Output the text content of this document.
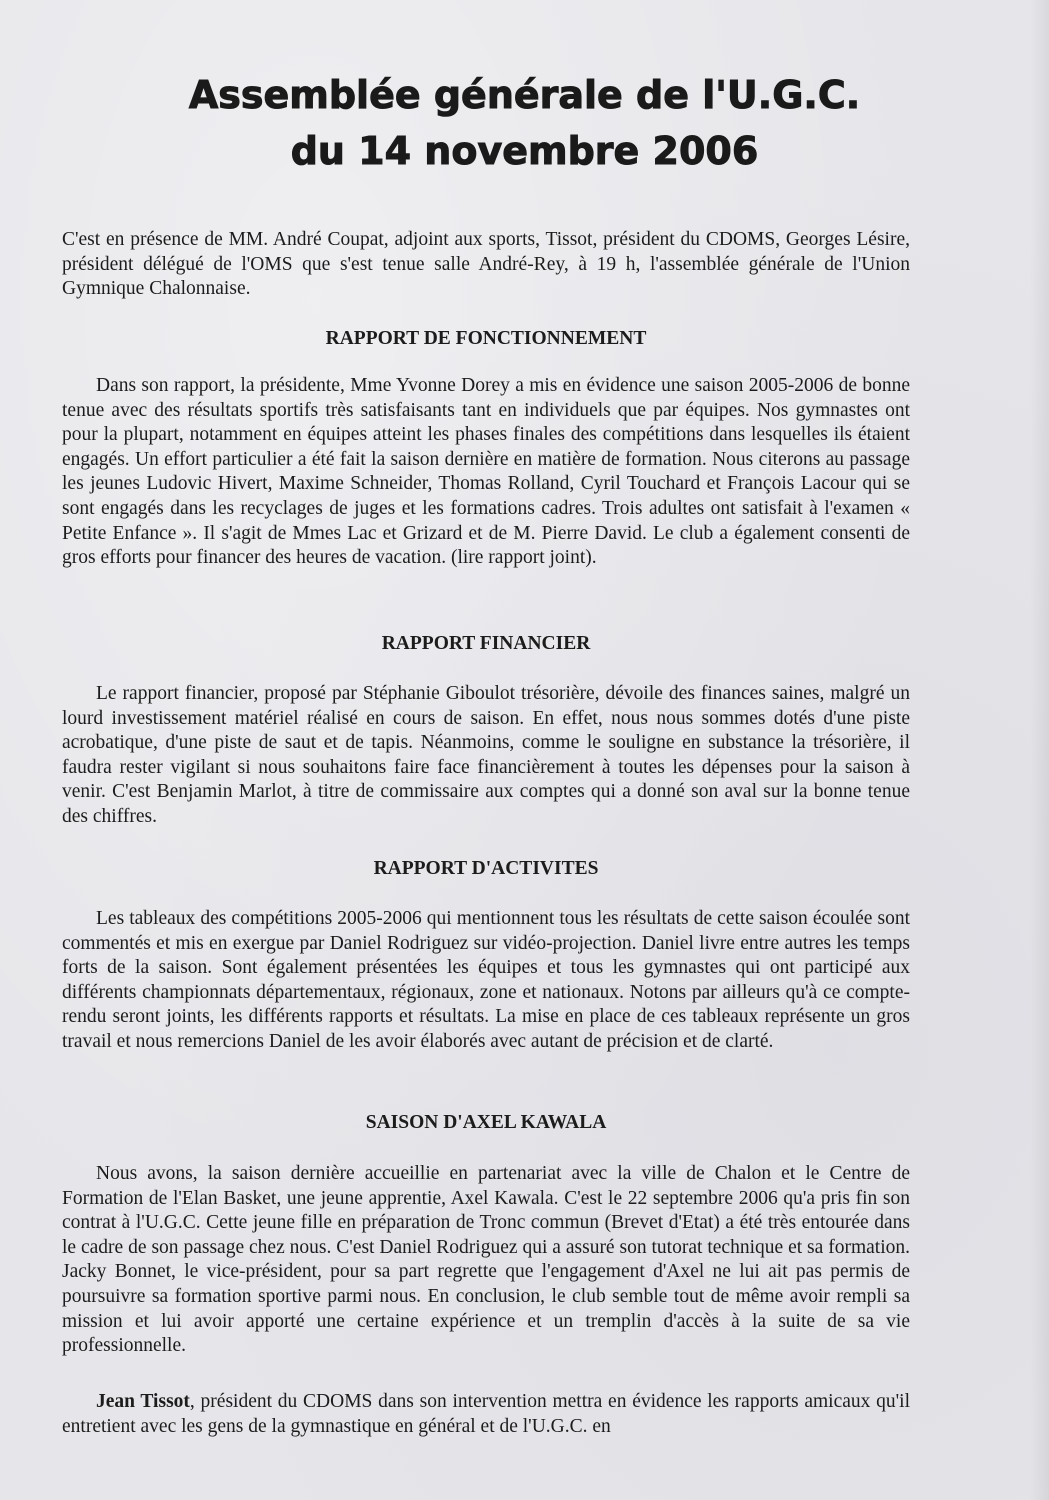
Assemblée générale de l'U.G.C.
du 14 novembre 2006

C'est en présence de MM. André Coupat, adjoint aux sports, Tissot, président du CDOMS, Georges Lésire, président délégué de l'OMS que s'est tenue salle André-Rey, à 19 h, l'assemblée générale de l'Union Gymnique Chalonnaise.

RAPPORT DE FONCTIONNEMENT

Dans son rapport, la présidente, Mme Yvonne Dorey a mis en évidence une saison 2005-2006 de bonne tenue avec des résultats sportifs très satisfaisants tant en individuels que par équipes. Nos gymnastes ont pour la plupart, notamment en équipes atteint les phases finales des compétitions dans lesquelles ils étaient engagés. Un effort particulier a été fait la saison dernière en matière de formation. Nous citerons au passage les jeunes Ludovic Hivert, Maxime Schneider, Thomas Rolland, Cyril Touchard et François Lacour qui se sont engagés dans les recyclages de juges et les formations cadres. Trois adultes ont satisfait à l'examen « Petite Enfance ». Il s'agit de Mmes Lac et Grizard et de M. Pierre David. Le club a également consenti de gros efforts pour financer des heures de vacation. (lire rapport joint).

RAPPORT FINANCIER

Le rapport financier, proposé par Stéphanie Giboulot trésorière, dévoile des finances saines, malgré un lourd investissement matériel réalisé en cours de saison. En effet, nous nous sommes dotés d'une piste acrobatique, d'une piste de saut et de tapis. Néanmoins, comme le souligne en substance la trésorière, il faudra rester vigilant si nous souhaitons faire face financièrement à toutes les dépenses pour la saison à venir. C'est Benjamin Marlot, à titre de commissaire aux comptes qui a donné son aval sur la bonne tenue des chiffres.

RAPPORT D'ACTIVITES

Les tableaux des compétitions 2005-2006 qui mentionnent tous les résultats de cette saison écoulée sont commentés et mis en exergue par Daniel Rodriguez sur vidéo-projection. Daniel livre entre autres les temps forts de la saison. Sont également présentées les équipes et tous les gymnastes qui ont participé aux différents championnats départementaux, régionaux, zone et nationaux. Notons par ailleurs qu'à ce compte-rendu seront joints, les différents rapports et résultats. La mise en place de ces tableaux représente un gros travail et nous remercions Daniel de les avoir élaborés avec autant de précision et de clarté.

SAISON D'AXEL KAWALA

Nous avons, la saison dernière accueillie en partenariat avec la ville de Chalon et le Centre de Formation de l'Elan Basket, une jeune apprentie, Axel Kawala. C'est le 22 septembre 2006 qu'a pris fin son contrat à l'U.G.C. Cette jeune fille en préparation de Tronc commun (Brevet d'Etat) a été très entourée dans le cadre de son passage chez nous. C'est Daniel Rodriguez qui a assuré son tutorat technique et sa formation. Jacky Bonnet, le vice-président, pour sa part regrette que l'engagement d'Axel ne lui ait pas permis de poursuivre sa formation sportive parmi nous. En conclusion, le club semble tout de même avoir rempli sa mission et lui avoir apporté une certaine expérience et un tremplin d'accès à la suite de sa vie professionnelle.

Jean Tissot, président du CDOMS dans son intervention mettra en évidence les rapports amicaux qu'il entretient avec les gens de la gymnastique en général et de l'U.G.C. en
